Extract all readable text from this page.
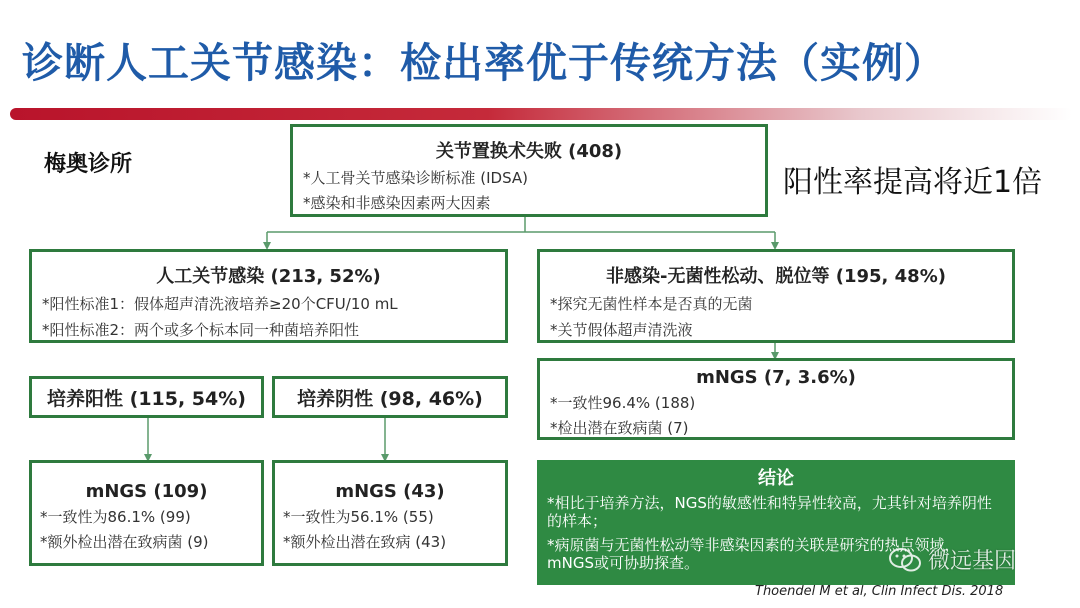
诊断人工关节感染：检出率优于传统方法（实例）
梅奥诊所
阳性率提高将近1倍
关节置换术失败 (408)
*人工骨关节感染诊断标准 (IDSA)
*感染和非感染因素两大因素
人工关节感染 (213, 52%)
*阳性标准1：假体超声清洗液培养≥20个CFU/10 mL
*阳性标准2：两个或多个标本同一种菌培养阳性
非感染-无菌性松动、脱位等 (195, 48%)
*探究无菌性样本是否真的无菌
*关节假体超声清洗液
培养阳性 (115, 54%)	培养阴性 (98, 46%)
mNGS (7, 3.6%)
*一致性96.4% (188)
*检出潜在致病菌 (7)
mNGS (109)
*一致性为86.1% (99)
*额外检出潜在致病菌 (9)
mNGS (43)
*一致性为56.1% (55)
*额外检出潜在致病 (43)
结论
*相比于培养方法，NGS的敏感性和特异性较高，尤其针对培养阴性的样本；
*病原菌与无菌性松动等非感染因素的关联是研究的热点领域，mNGS或可协助探查。	微远基因
Thoendel M et al, Clin Infect Dis. 2018
